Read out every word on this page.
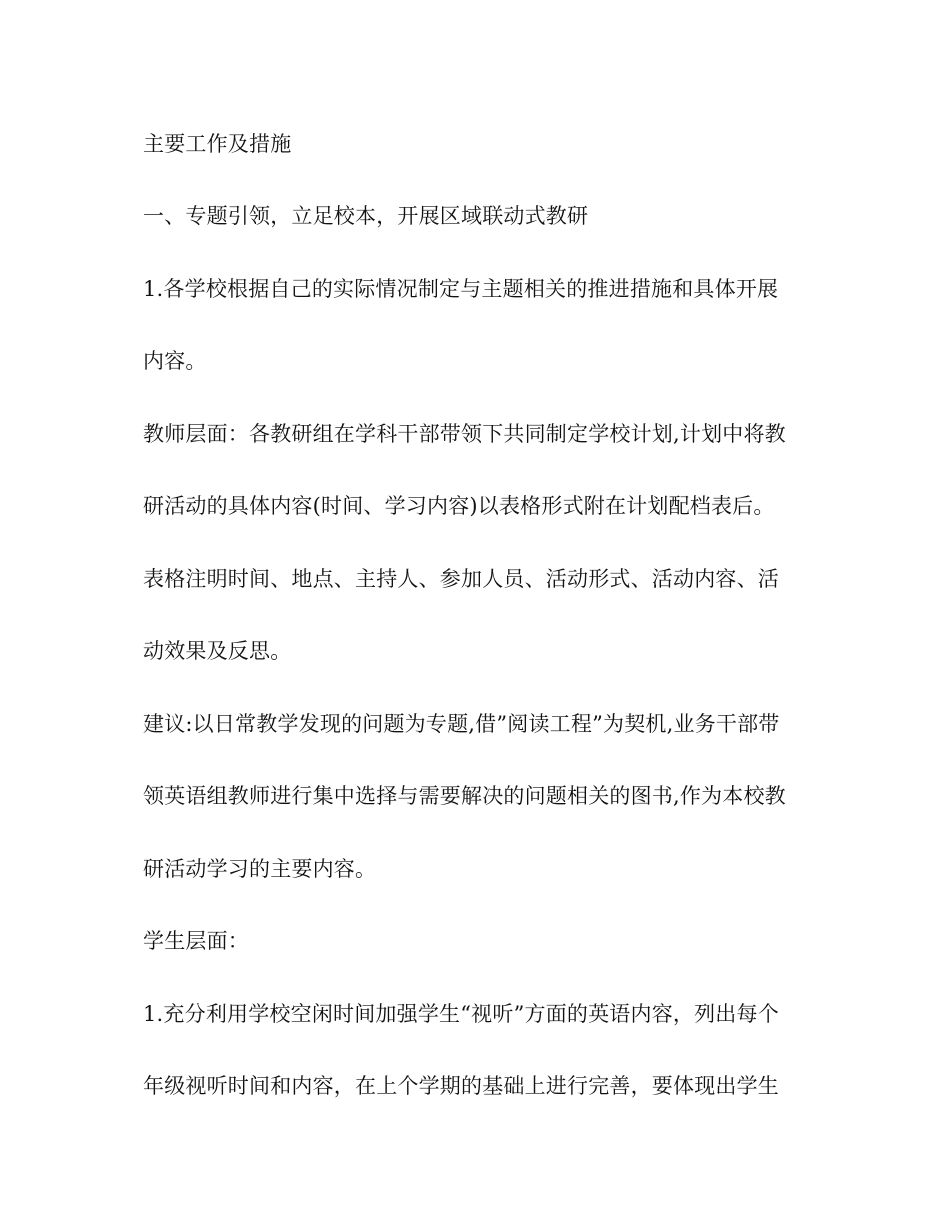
主要工作及措施
一、专题引领，立足校本，开展区域联动式教研
1.各学校根据自己的实际情况制定与主题相关的推进措施和具体开展
内容。
教师层面：各教研组在学科干部带领下共同制定学校计划,计划中将教
研活动的具体内容(时间、学习内容)以表格形式附在计划配档表后。
表格注明时间、地点、主持人、参加人员、活动形式、活动内容、活
动效果及反思。
建议:以日常教学发现的问题为专题,借”阅读工程”为契机,业务干部带
领英语组教师进行集中选择与需要解决的问题相关的图书,作为本校教
研活动学习的主要内容。
学生层面：
1.充分利用学校空闲时间加强学生“视听”方面的英语内容，列出每个
年级视听时间和内容，在上个学期的基础上进行完善，要体现出学生
